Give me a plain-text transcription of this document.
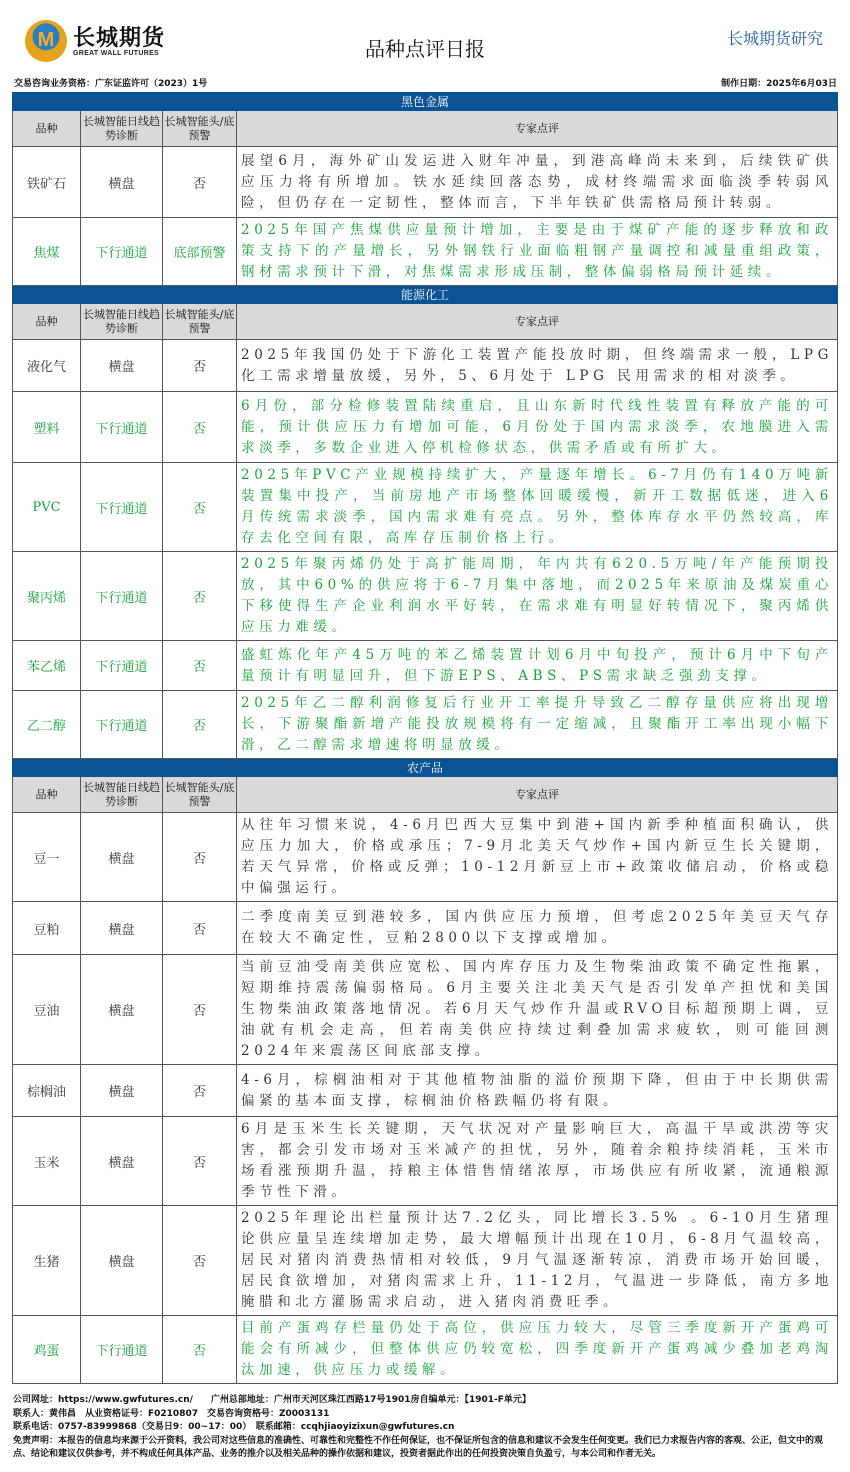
M
长城期货
GREAT WALL FUTURES	品种点评日报	长城期货研究
交易咨询业务资格：广东证监许可（2023）1号	制作日期：2025年6月03日
黑色金属			
品种	长城智能日线趋势诊断	长城智能头/底预警	专家点评
铁矿石	横盘	否	展望6月，海外矿山发运进入财年冲量，到港高峰尚未来到，后续铁矿供应压力将有所增加。铁水延续回落态势，成材终端需求面临淡季转弱风险，但仍存在一定韧性，整体而言，下半年铁矿供需格局预计转弱。
焦煤	下行通道	底部预警	2025年国产焦煤供应量预计增加，主要是由于煤矿产能的逐步释放和政策支持下的产量增长，另外钢铁行业面临粗钢产量调控和减量重组政策，钢材需求预计下滑，对焦煤需求形成压制，整体偏弱格局预计延续。
能源化工			
品种	长城智能日线趋势诊断	长城智能头/底预警	专家点评
液化气	横盘	否	2025年我国仍处于下游化工装置产能投放时期，但终端需求一般，LPG化工需求增量放缓，另外，5、6月处于 LPG 民用需求的相对淡季。
塑料	下行通道	否	6月份，部分检修装置陆续重启，且山东新时代线性装置有释放产能的可能，预计供应压力有增加可能，6月份处于国内需求淡季，农地膜进入需求淡季，多数企业进入停机检修状态，供需矛盾或有所扩大。
PVC	下行通道	否	2025年PVC产业规模持续扩大，产量逐年增长。6-7月仍有140万吨新装置集中投产，当前房地产市场整体回暖缓慢，新开工数据低迷，进入6月传统需求淡季，国内需求难有亮点。另外，整体库存水平仍然较高，库存去化空间有限，高库存压制价格上行。
聚丙烯	下行通道	否	2025年聚丙烯仍处于高扩能周期，年内共有620.5万吨/年产能预期投放，其中60%的供应将于6-7月集中落地，而2025年来原油及煤炭重心下移使得生产企业利润水平好转，在需求难有明显好转情况下，聚丙烯供应压力难缓。
苯乙烯	下行通道	否	盛虹炼化年产45万吨的苯乙烯装置计划6月中旬投产，预计6月中下旬产量预计有明显回升，但下游EPS、ABS、PS需求缺乏强劲支撑。
乙二醇	下行通道	否	2025年乙二醇利润修复后行业开工率提升导致乙二醇存量供应将出现增长，下游聚酯新增产能投放规模将有一定缩减，且聚酯开工率出现小幅下滑，乙二醇需求增速将明显放缓。
农产品			
品种	长城智能日线趋势诊断	长城智能头/底预警	专家点评
豆一	横盘	否	从往年习惯来说，4-6月巴西大豆集中到港+国内新季种植面积确认，供应压力加大，价格或承压；7-9月北美天气炒作+国内新豆生长关键期，若天气异常，价格或反弹；10-12月新豆上市+政策收储启动，价格或稳中偏强运行。
豆粕	横盘	否	二季度南美豆到港较多，国内供应压力预增，但考虑2025年美豆天气存在较大不确定性，豆粕2800以下支撑或增加。
豆油	横盘	否	当前豆油受南美供应宽松、国内库存压力及生物柴油政策不确定性拖累，短期维持震荡偏弱格局。6月主要关注北美天气是否引发单产担忧和美国生物柴油政策落地情况。若6月天气炒作升温或RVO目标超预期上调，豆油就有机会走高，但若南美供应持续过剩叠加需求疲软，则可能回测2024年来震荡区间底部支撑。
棕榈油	横盘	否	4-6月，棕榈油相对于其他植物油脂的溢价预期下降，但由于中长期供需偏紧的基本面支撑，棕榈油价格跌幅仍将有限。
玉米	横盘	否	6月是玉米生长关键期，天气状况对产量影响巨大，高温干旱或洪涝等灾害，都会引发市场对玉米减产的担忧，另外，随着余粮持续消耗，玉米市场看涨预期升温，持粮主体惜售情绪浓厚，市场供应有所收紧，流通粮源季节性下滑。
生猪	横盘	否	2025年理论出栏量预计达7.2亿头，同比增长3.5% 。6-10月生猪理论供应量呈连续增加走势，最大增幅预计出现在10月，6-8月气温较高，居民对猪肉消费热情相对较低，9月气温逐渐转凉，消费市场开始回暖，居民食欲增加，对猪肉需求上升，11-12月，气温进一步降低，南方多地腌腊和北方灌肠需求启动，进入猪肉消费旺季。
鸡蛋	下行通道	否	目前产蛋鸡存栏量仍处于高位，供应压力较大，尽管三季度新开产蛋鸡可能会有所减少，但整体供应仍较宽松，四季度新开产蛋鸡减少叠加老鸡淘汰加速，供应压力或缓解。
公司网址：https://www.gwfutures.cn/　　广州总部地址：广州市天河区珠江西路17号1901房自编单元：【1901-F单元】
联系人：黄伟昌　从业资格证号：F0210807　交易咨询资格号：Z0003131
联系电话：0757-83999868（交易日9：00~17：00）　联系邮箱：ccqhjiaoyizixun@gwfutures.cn
免责声明：本报告的信息均来源于公开资料，我公司对这些信息的准确性、可靠性和完整性不作任何保证，也不保证所包含的信息和建议不会发生任何变更。我们已力求报告内容的客观、公正，但文中的观点、结论和建议仅供参考，并不构成任何具体产品、业务的推介以及相关品种的操作依据和建议，投资者据此作出的任何投资决策自负盈亏，与本公司和作者无关。
